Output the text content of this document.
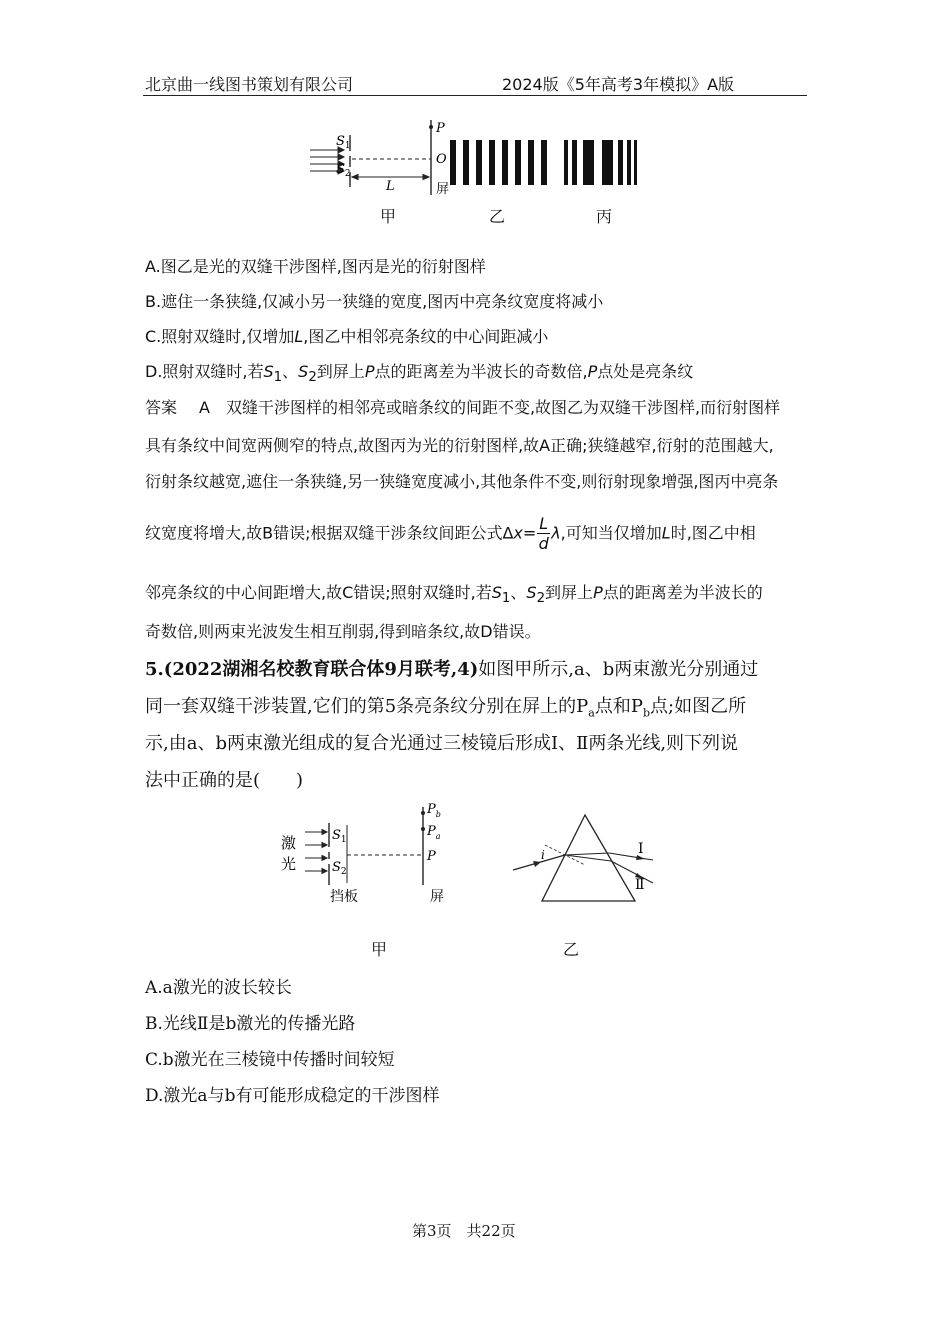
北京曲一线图书策划有限公司	2024版《5年高考3年模拟》A版
$S_1$
$S_2$
P
O
屏
L
甲	乙	丙
A.图乙是光的双缝干涉图样,图丙是光的衍射图样
B.遮住一条狭缝,仅减小另一狭缝的宽度,图丙中亮条纹宽度将减小
C.照射双缝时,仅增加L,图乙中相邻亮条纹的中心间距减小
D.照射双缝时,若$S_1$、$S_2$到屏上P点的距离差为半波长的奇数倍,P点处是亮条纹
答案 A 双缝干涉图样的相邻亮或暗条纹的间距不变,故图乙为双缝干涉图样,而衍射图样
具有条纹中间宽两侧窄的特点,故图丙为光的衍射图样,故A正确;狭缝越窄,衍射的范围越大,
衍射条纹越宽,遮住一条狭缝,另一狭缝宽度减小,其他条件不变,则衍射现象增强,图丙中亮条
纹宽度将增大,故B错误;根据双缝干涉条纹间距公式$\Delta x= \frac{L}{d} \lambda$,可知当仅增加L时,图乙中相
邻亮条纹的中心间距增大,故C错误;照射双缝时,若$S_1$、$S_2$到屏上P点的距离差为半波长的
奇数倍,则两束光波发生相互削弱,得到暗条纹,故D错误。
5.(2022湖湘名校教育联合体9月联考,4)如图甲所示,a、b两束激光分别通过
同一套双缝干涉装置,它们的第5条亮条纹分别在屏上的$P_a$点和$P_b$点;如图乙所
示,由a、b两束激光组成的复合光通过三棱镜后形成Ⅰ、Ⅱ两条光线,则下列说
法中正确的是(　　)
激
光
$S_1$
$S_2$
$P_b$
$P_a$
P
挡板	屏
i	Ⅰ
Ⅱ
甲	乙
A.a激光的波长较长
B.光线Ⅱ是b激光的传播光路
C.b激光在三棱镜中传播时间较短
D.激光a与b有可能形成稳定的干涉图样
第3页　共22页
